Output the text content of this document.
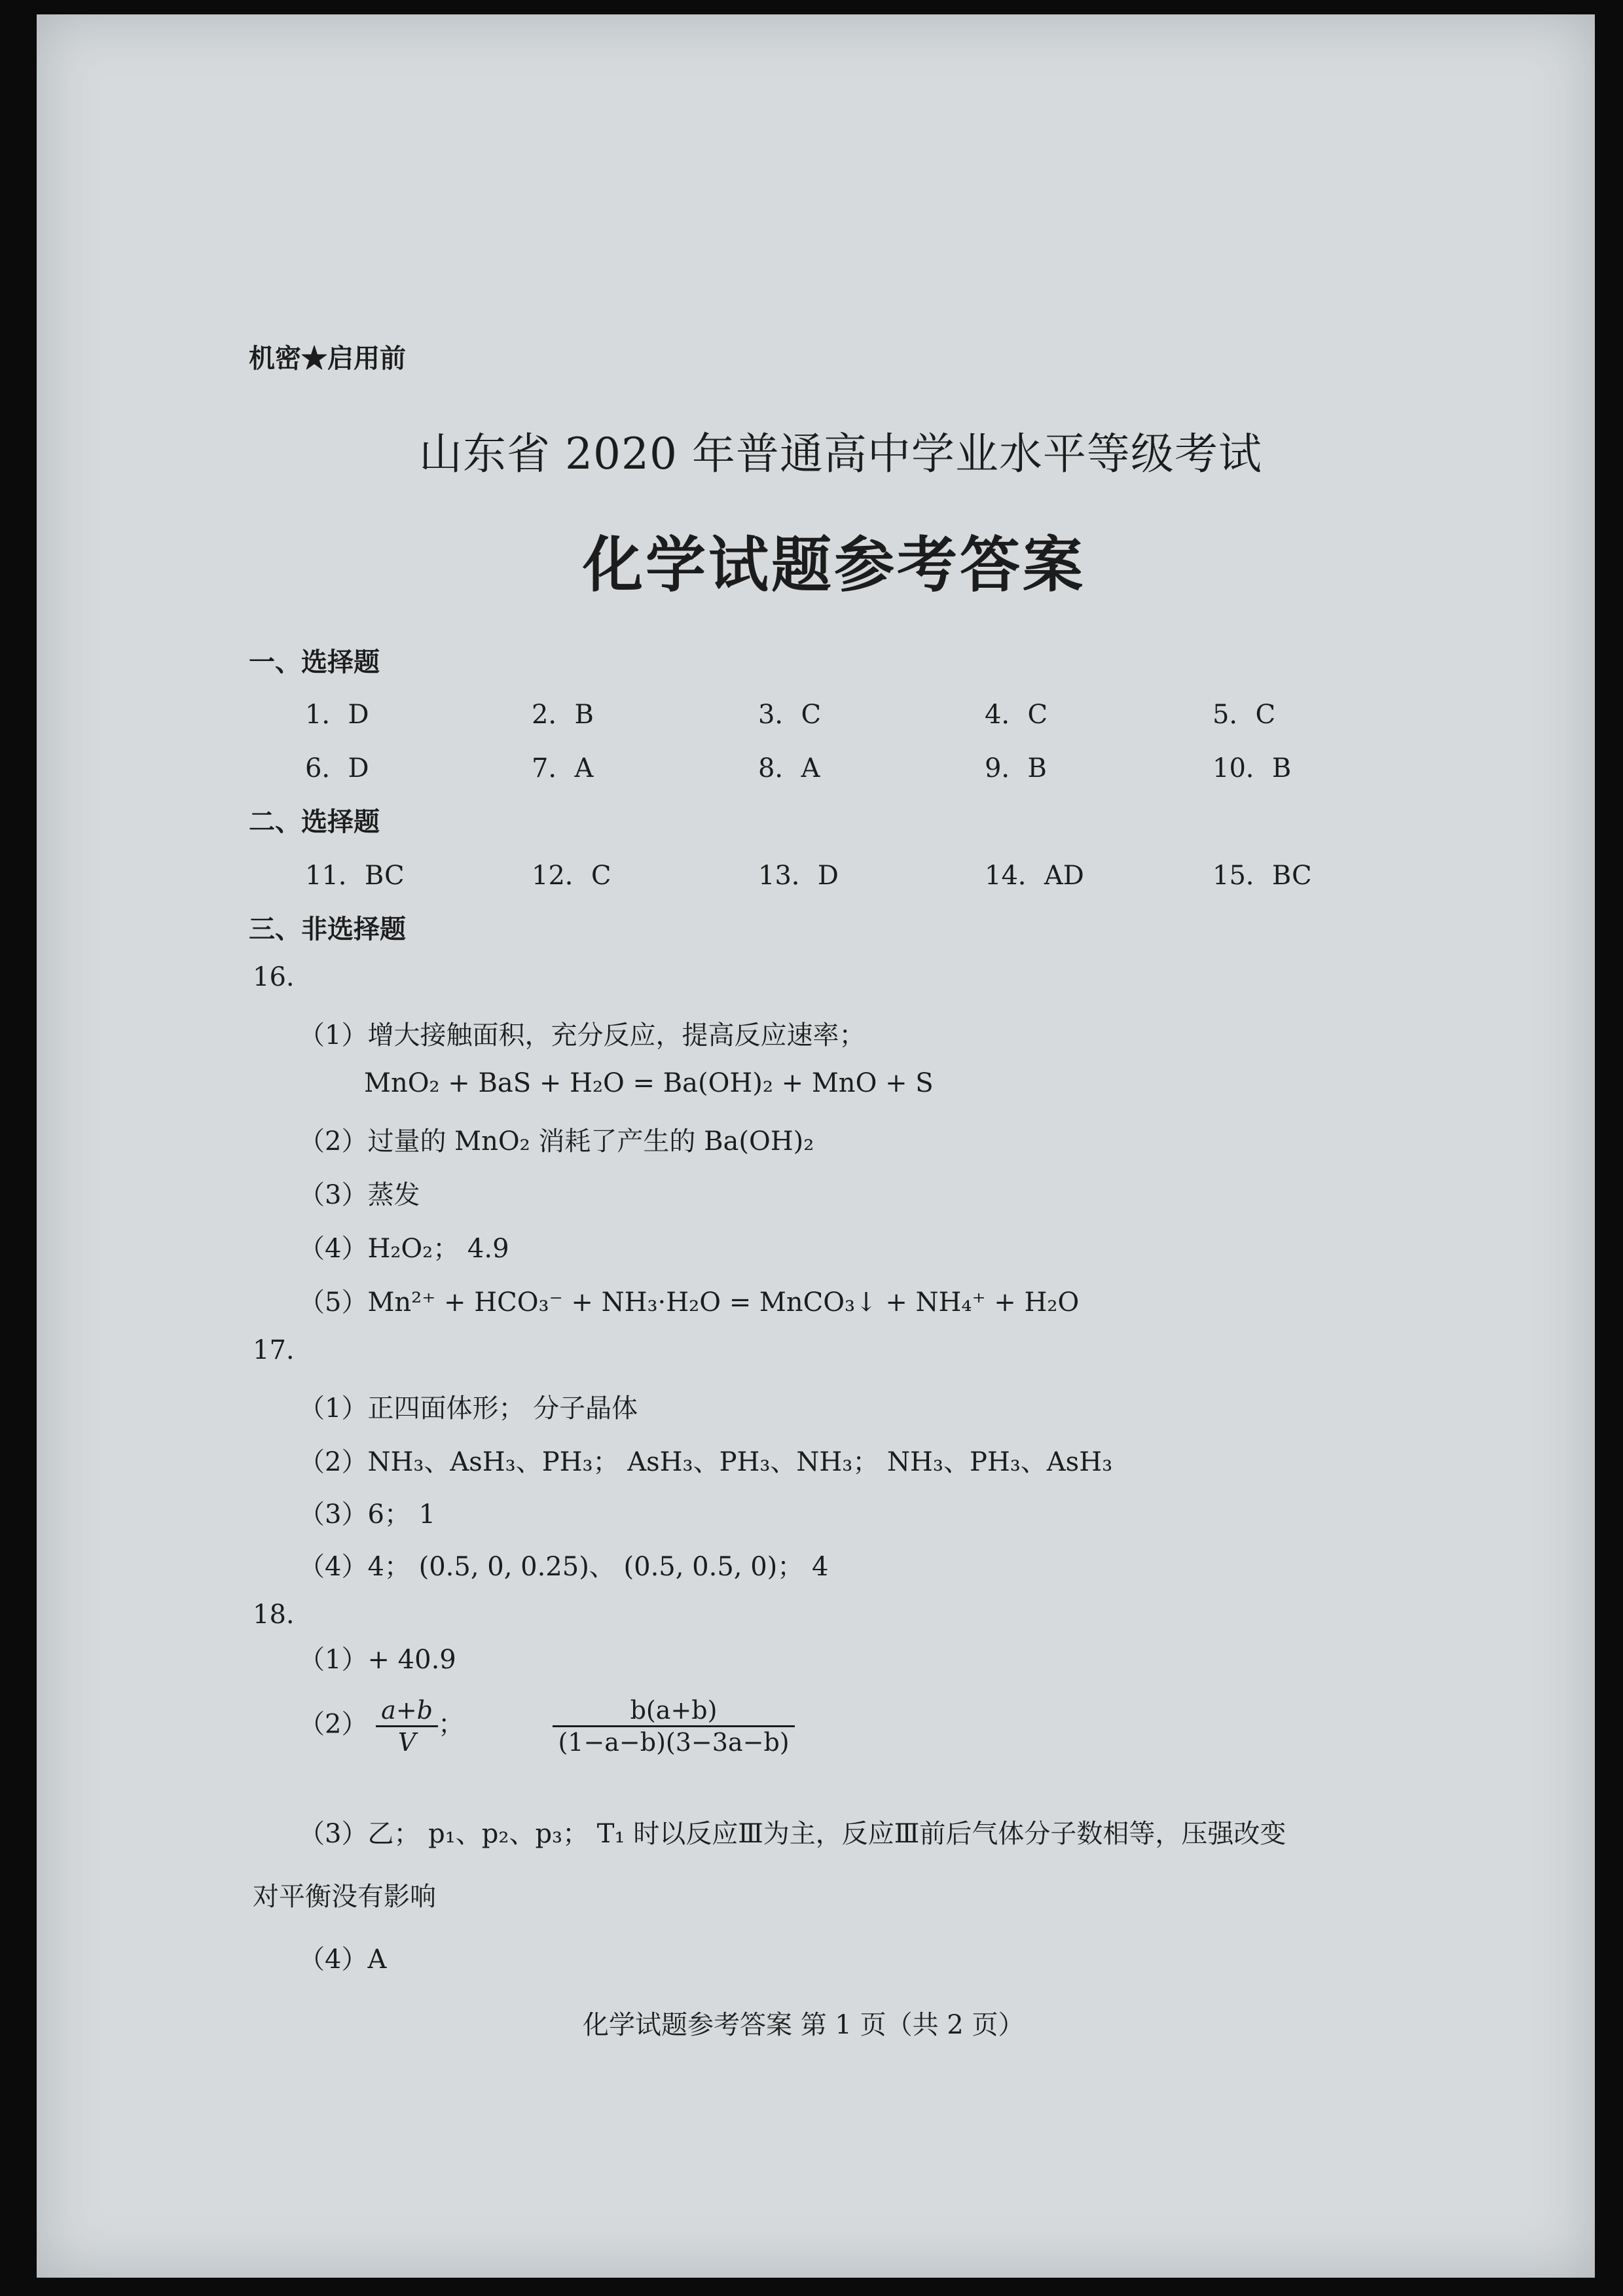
机密★启用前
山东省 2020 年普通高中学业水平等级考试
化学试题参考答案
一、选择题
1．D	2．B	3．C	4．C	5．C
6．D	7．A	8．A	9．B	10．B
二、选择题
11．BC	12．C	13．D	14．AD	15．BC
三、非选择题
16.
（1）增大接触面积，充分反应，提高反应速率；
MnO₂ + BaS + H₂O = Ba(OH)₂ + MnO + S
（2）过量的 MnO₂ 消耗了产生的 Ba(OH)₂
（3）蒸发
（4）H₂O₂； 4.9
（5）Mn²⁺ + HCO₃⁻ + NH₃·H₂O = MnCO₃↓ + NH₄⁺ + H₂O
17.
（1）正四面体形； 分子晶体
（2）NH₃、AsH₃、PH₃； AsH₃、PH₃、NH₃； NH₃、PH₃、AsH₃
（3）6； 1
（4）4； (0.5, 0, 0.25)、 (0.5, 0.5, 0)； 4
18.
（1）+ 40.9
$(2) \frac{a+b}{V}$ ；	$\frac{b(a+b)}{(1-a-b)(3-3a-b)}$
（3）乙； p₁、p₂、p₃； T₁ 时以反应Ⅲ为主，反应Ⅲ前后气体分子数相等，压强改变
对平衡没有影响
（4）A
化学试题参考答案 第 1 页（共 2 页）
